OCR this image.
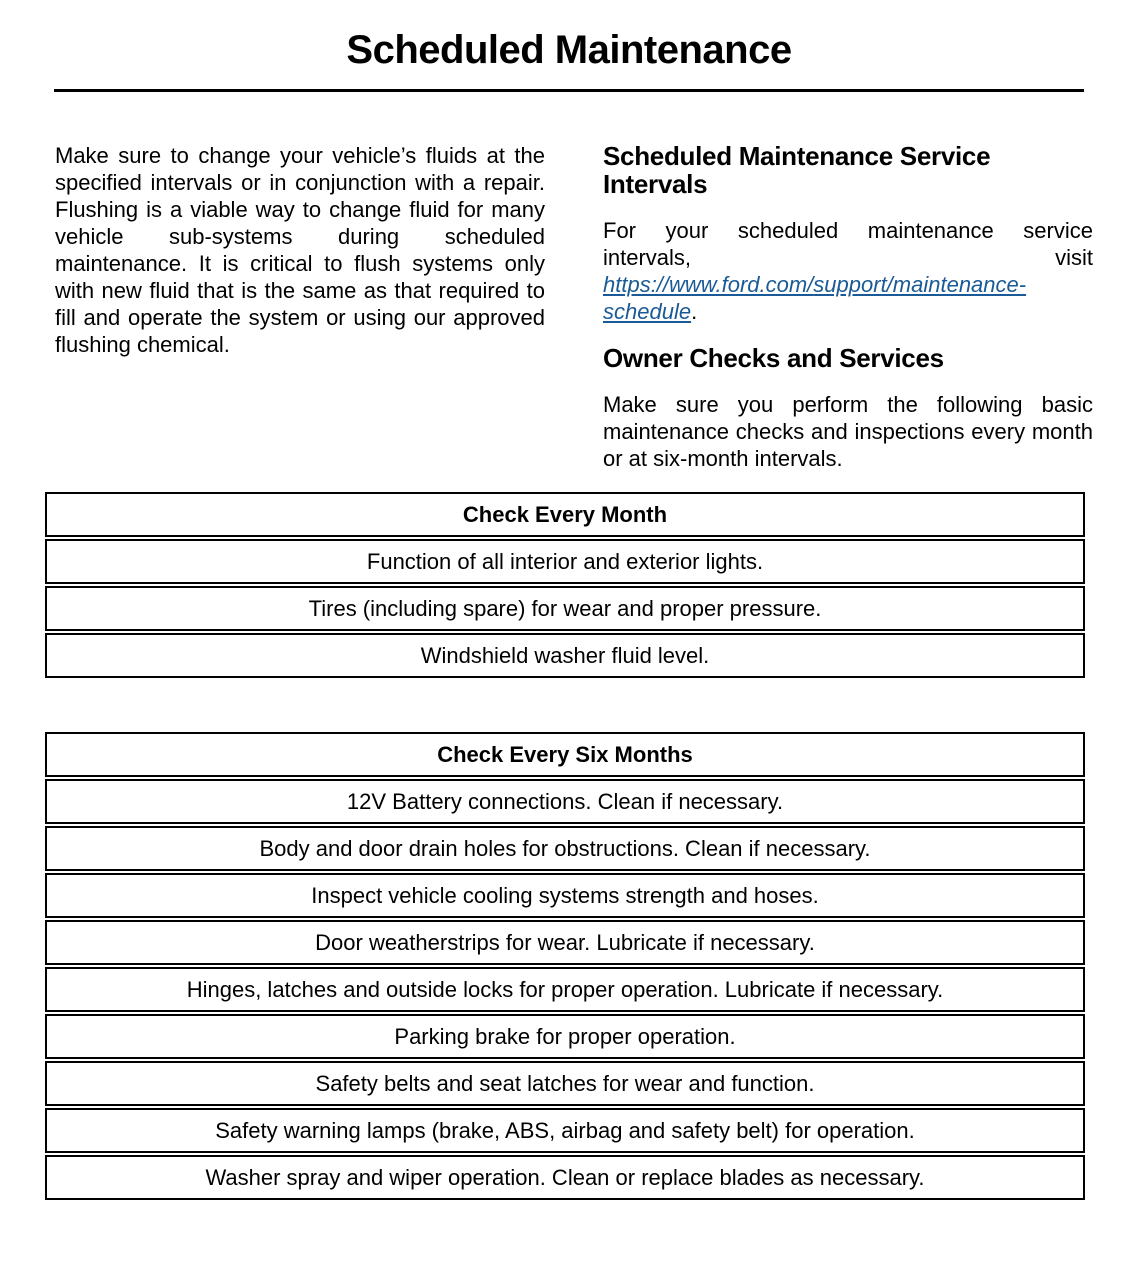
Scheduled Maintenance

Make sure to change your vehicle’s fluids at the specified intervals or in conjunction with a repair. Flushing is a viable way to change fluid for many vehicle sub-systems during scheduled maintenance. It is critical to flush systems only with new fluid that is the same as that required to fill and operate the system or using our approved flushing chemical.

Scheduled Maintenance Service Intervals

For your scheduled maintenance service intervals, visit https://www.ford.com/support/maintenance-schedule.

Owner Checks and Services

Make sure you perform the following basic maintenance checks and inspections every month or at six-month intervals.

Check Every Month
Function of all interior and exterior lights.
Tires (including spare) for wear and proper pressure.
Windshield washer fluid level.
Check Every Six Months
12V Battery connections. Clean if necessary.
Body and door drain holes for obstructions. Clean if necessary.
Inspect vehicle cooling systems strength and hoses.
Door weatherstrips for wear. Lubricate if necessary.
Hinges, latches and outside locks for proper operation. Lubricate if necessary.
Parking brake for proper operation.
Safety belts and seat latches for wear and function.
Safety warning lamps (brake, ABS, airbag and safety belt) for operation.
Washer spray and wiper operation. Clean or replace blades as necessary.
